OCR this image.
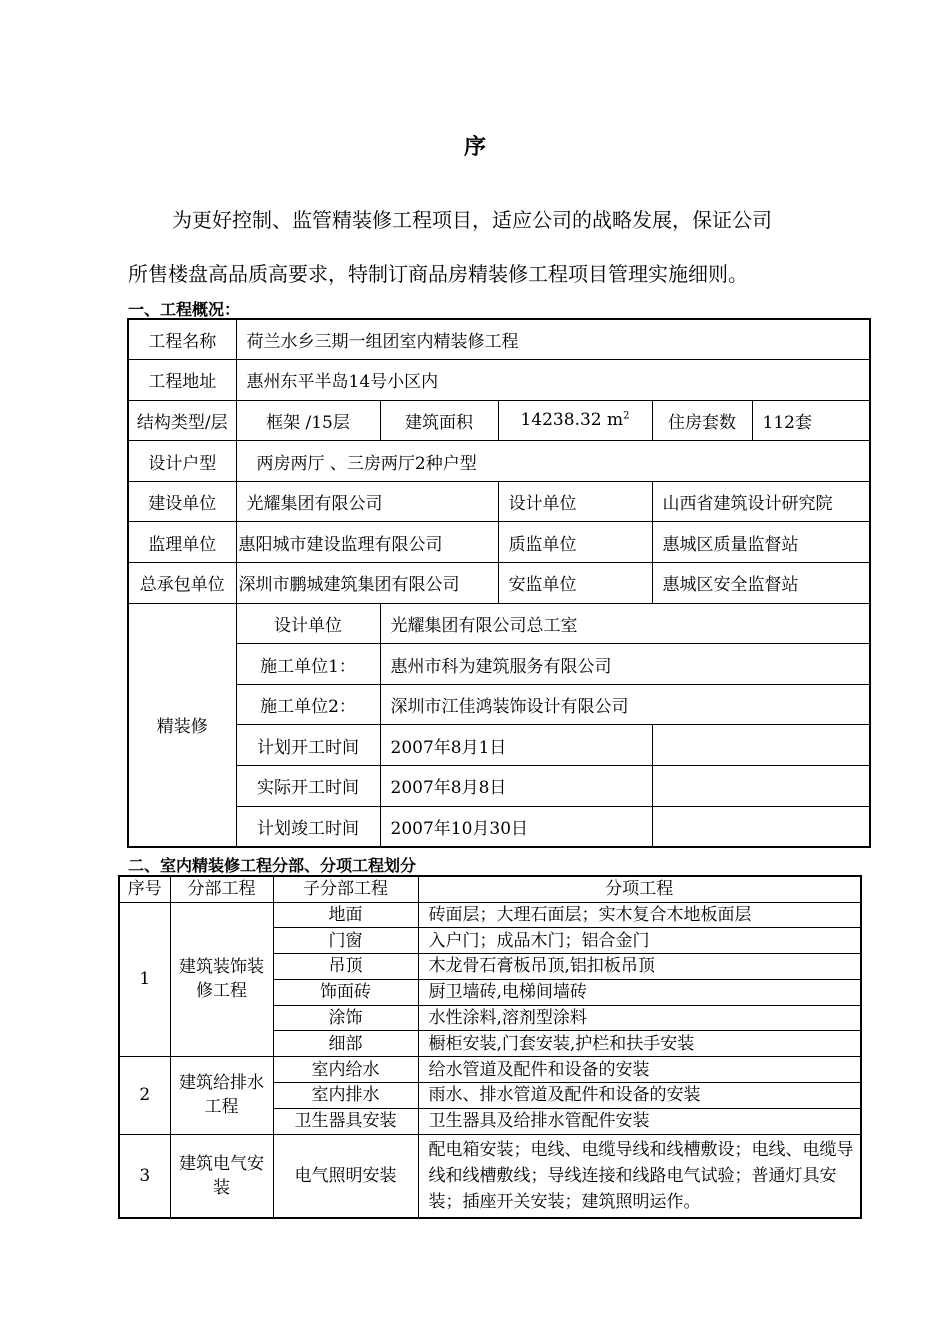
序
为更好控制、监管精装修工程项目，适应公司的战略发展，保证公司
所售楼盘高品质高要求，特制订商品房精装修工程项目管理实施细则。
一、工程概况：
工程名称	荷兰水乡三期一组团室内精装修工程				
工程地址	惠州东平半岛14号小区内				
结构类型/层	框架 /15层	建筑面积	14238.32 $m^2$	住房套数	112套
设计户型	两房两厅 、三房两厅2种户型				
建设单位	光耀集团有限公司		设计单位	山西省建筑设计研究院	
监理单位	惠阳城市建设监理有限公司		质监单位	惠城区质量监督站	
总承包单位	深圳市鹏城建筑集团有限公司		安监单位	惠城区安全监督站	
精装修	设计单位	光耀集团有限公司总工室			
	施工单位1：	惠州市科为建筑服务有限公司			
	施工单位2：	深圳市江佳鸿装饰设计有限公司			
	计划开工时间	2007年8月1日			
	实际开工时间	2007年8月8日			
	计划竣工时间	2007年10月30日			
二、室内精装修工程分部、分项工程划分
序号	分部工程	子分部工程	分项工程
1	建筑装饰装修工程	地面	砖面层；大理石面层；实木复合木地板面层
		门窗	入户门；成品木门；铝合金门
		吊顶	木龙骨石膏板吊顶,铝扣板吊顶
		饰面砖	厨卫墙砖,电梯间墙砖
		涂饰	水性涂料,溶剂型涂料
		细部	橱柜安装,门套安装,护栏和扶手安装
2	建筑给排水工程	室内给水	给水管道及配件和设备的安装
		室内排水	雨水、排水管道及配件和设备的安装
		卫生器具安装	卫生器具及给排水管配件安装
3	建筑电气安装	电气照明安装	配电箱安装；电线、电缆导线和线槽敷设；电线、电缆导线和线槽敷线；导线连接和线路电气试验；普通灯具安装；插座开关安装；建筑照明运作。
